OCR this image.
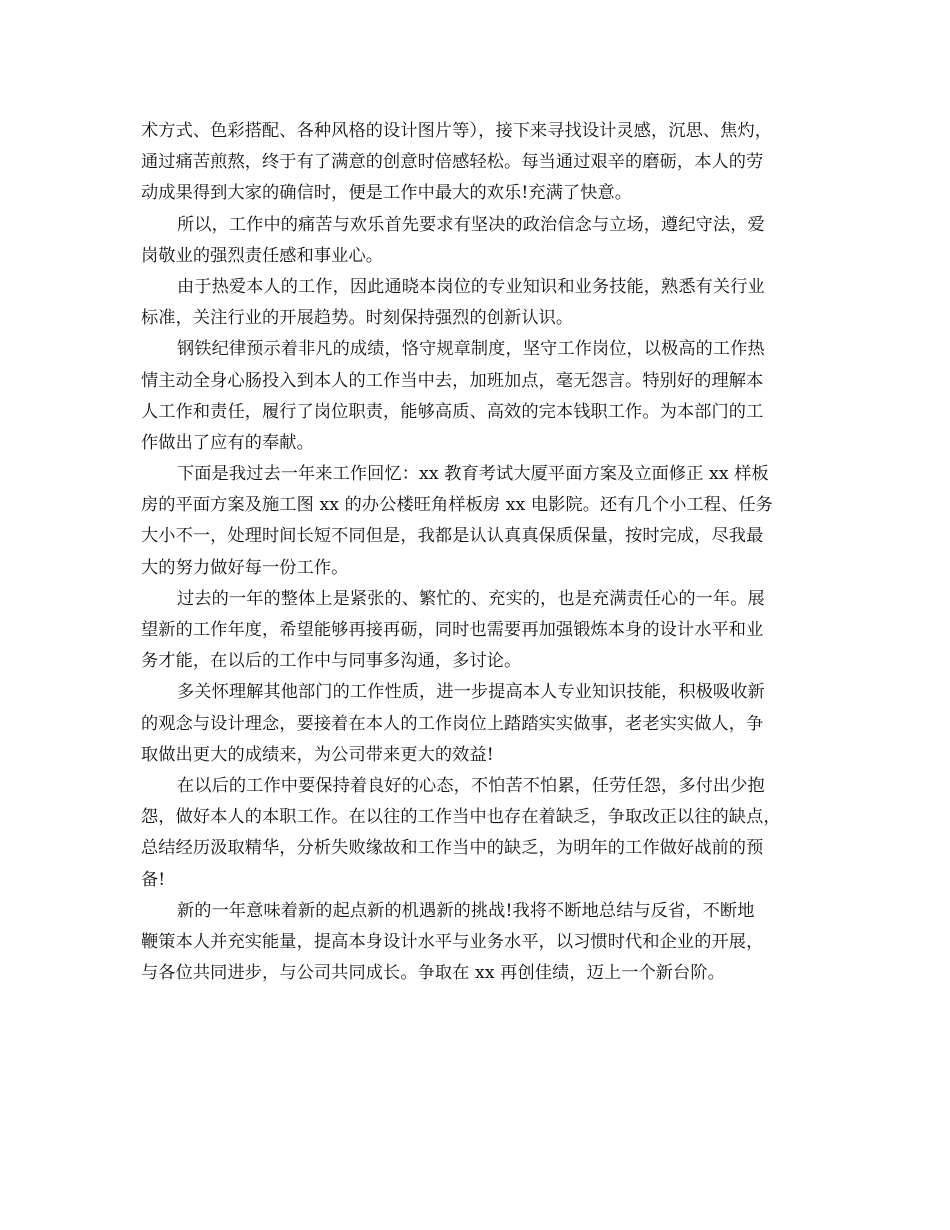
术方式、色彩搭配、各种风格的设计图片等），接下来寻找设计灵感，沉思、焦灼，
通过痛苦煎熬，终于有了满意的创意时倍感轻松。每当通过艰辛的磨砺，本人的劳
动成果得到大家的确信时，便是工作中最大的欢乐!充满了快意。
所以，工作中的痛苦与欢乐首先要求有坚决的政治信念与立场，遵纪守法，爱
岗敬业的强烈责任感和事业心。
由于热爱本人的工作，因此通晓本岗位的专业知识和业务技能，熟悉有关行业
标准，关注行业的开展趋势。时刻保持强烈的创新认识。
钢铁纪律预示着非凡的成绩，恪守规章制度，坚守工作岗位，以极高的工作热
情主动全身心肠投入到本人的工作当中去，加班加点，毫无怨言。特别好的理解本
人工作和责任，履行了岗位职责，能够高质、高效的完本钱职工作。为本部门的工
作做出了应有的奉献。
下面是我过去一年来工作回忆：xx 教育考试大厦平面方案及立面修正 xx 样板
房的平面方案及施工图 xx 的办公楼旺角样板房 xx 电影院。还有几个小工程、任务
大小不一，处理时间长短不同但是，我都是认认真真保质保量，按时完成，尽我最
大的努力做好每一份工作。
过去的一年的整体上是紧张的、繁忙的、充实的，也是充满责任心的一年。展
望新的工作年度，希望能够再接再砺，同时也需要再加强锻炼本身的设计水平和业
务才能，在以后的工作中与同事多沟通，多讨论。
多关怀理解其他部门的工作性质，进一步提高本人专业知识技能，积极吸收新
的观念与设计理念，要接着在本人的工作岗位上踏踏实实做事，老老实实做人，争
取做出更大的成绩来，为公司带来更大的效益!
在以后的工作中要保持着良好的心态，不怕苦不怕累，任劳任怨，多付出少抱
怨，做好本人的本职工作。在以往的工作当中也存在着缺乏，争取改正以往的缺点，
总结经历汲取精华，分析失败缘故和工作当中的缺乏，为明年的工作做好战前的预
备!
新的一年意味着新的起点新的机遇新的挑战!我将不断地总结与反省，不断地
鞭策本人并充实能量，提高本身设计水平与业务水平，以习惯时代和企业的开展，
与各位共同进步，与公司共同成长。争取在 xx 再创佳绩，迈上一个新台阶。
